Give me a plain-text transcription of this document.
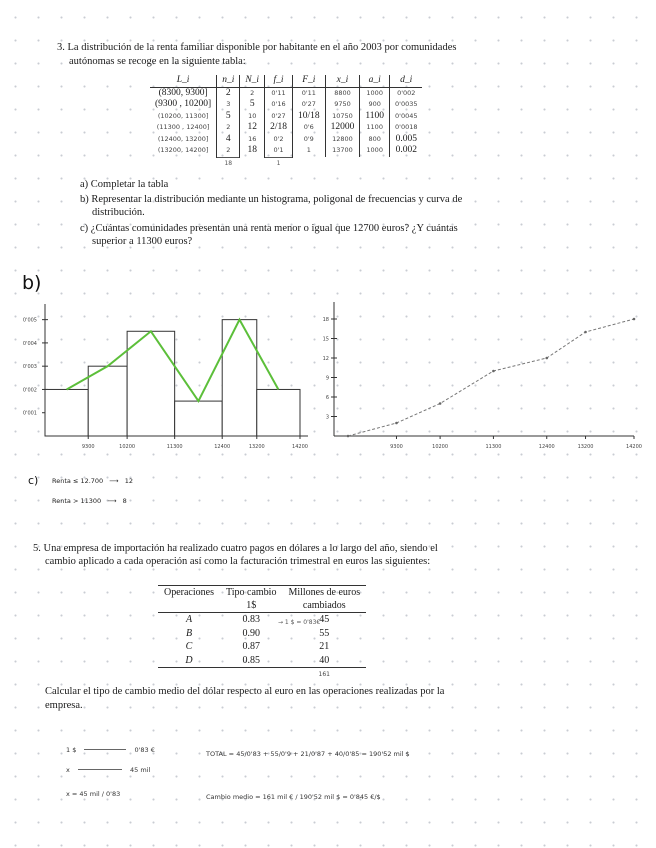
3. La distribución de la renta familiar disponible por habitante en el año 2003 por comunidades
autónomas se recoge en la siguiente tabla:
L_i	n_i	N_i	f_i	F_i	x_i	a_i	d_i
(8300, 9300]	2	2	0'11	0'11	8800	1000	0'002
(9300 , 10200]	3	5	0'16	0'27	9750	900	0'0035
(10200, 11300]	5	10	0'27	10/18	10750	1100	0'0045
(11300 , 12400]	2	12	2/18	0'6	12000	1100	0'0018
(12400, 13200]	4	16	0'2	0'9	12800	800	0.005
(13200, 14200]	2	18	0'1	1	13700	1000	0.002
	18		1				
a) Completar la tabla
b) Representar la distribución mediante un histograma, poligonal de frecuencias y curva de
distribución.
c) ¿Cuántas comunidades presentan una renta menor o igual que 12700 euros? ¿Y cuántas
superior a 11300 euros?
b)
0'005
0'004
0'003
0'002
0'001
9300	10200	11300	12400	13200	14200
18
15
12
9
6
3
9300	10200	11300	12400	13200	14200
c) Renta ≤ 12.700 ⟶ 12
Renta > 11300 ⟶ 8
5. Una empresa de importación ha realizado cuatro pagos en dólares a lo largo del año, siendo el
cambio aplicado a cada operación así como la facturación trimestral en euros las siguientes:
Operaciones	Tipo cambio	Millones de euros
	1$	cambiados
A	0.83 → 1 $ = 0'83€	45
B	0.90	55
C	0.87	21
D	0.85	40
		161
Calcular el tipo de cambio medio del dólar respecto al euro en las operaciones realizadas por la
empresa.
1 $	0'83 €
x	45 mil
x = 45 mil / 0'83
TOTAL = 45/0'83 + 55/0'9 + 21/0'87 + 40/0'85 = 190'52 mil $
Cambio medio = 161 mil € / 190'52 mil $ = 0'845 €/$
